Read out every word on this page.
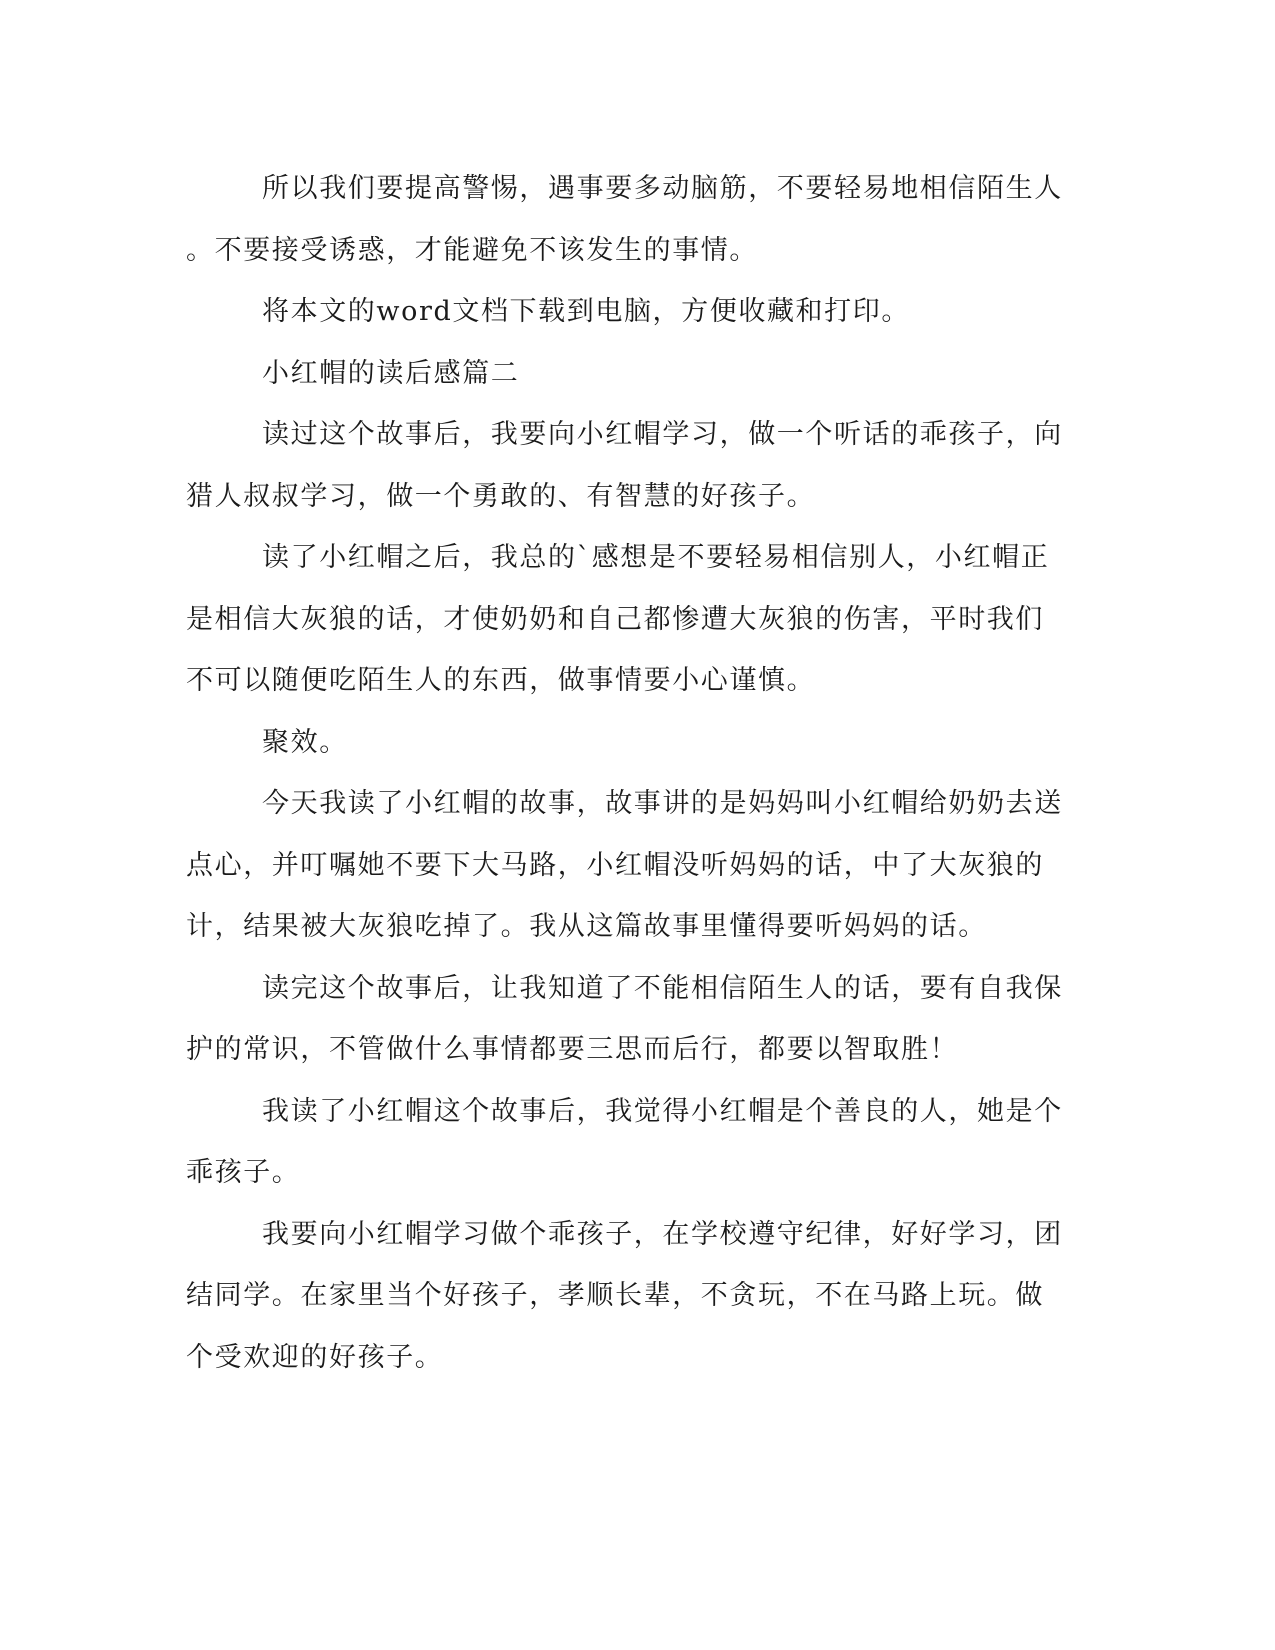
所以我们要提高警惕，遇事要多动脑筋，不要轻易地相信陌生人
。不要接受诱惑，才能避免不该发生的事情。
将本文的word文档下载到电脑，方便收藏和打印。
小红帽的读后感篇二
读过这个故事后，我要向小红帽学习，做一个听话的乖孩子，向
猎人叔叔学习，做一个勇敢的、有智慧的好孩子。
读了小红帽之后，我总的`感想是不要轻易相信别人，小红帽正
是相信大灰狼的话，才使奶奶和自己都惨遭大灰狼的伤害，平时我们
不可以随便吃陌生人的东西，做事情要小心谨慎。
聚效。
今天我读了小红帽的故事，故事讲的是妈妈叫小红帽给奶奶去送
点心，并叮嘱她不要下大马路，小红帽没听妈妈的话，中了大灰狼的
计，结果被大灰狼吃掉了。我从这篇故事里懂得要听妈妈的话。
读完这个故事后，让我知道了不能相信陌生人的话，要有自我保
护的常识，不管做什么事情都要三思而后行，都要以智取胜！
我读了小红帽这个故事后，我觉得小红帽是个善良的人，她是个
乖孩子。
我要向小红帽学习做个乖孩子，在学校遵守纪律，好好学习，团
结同学。在家里当个好孩子，孝顺长辈，不贪玩，不在马路上玩。做
个受欢迎的好孩子。
